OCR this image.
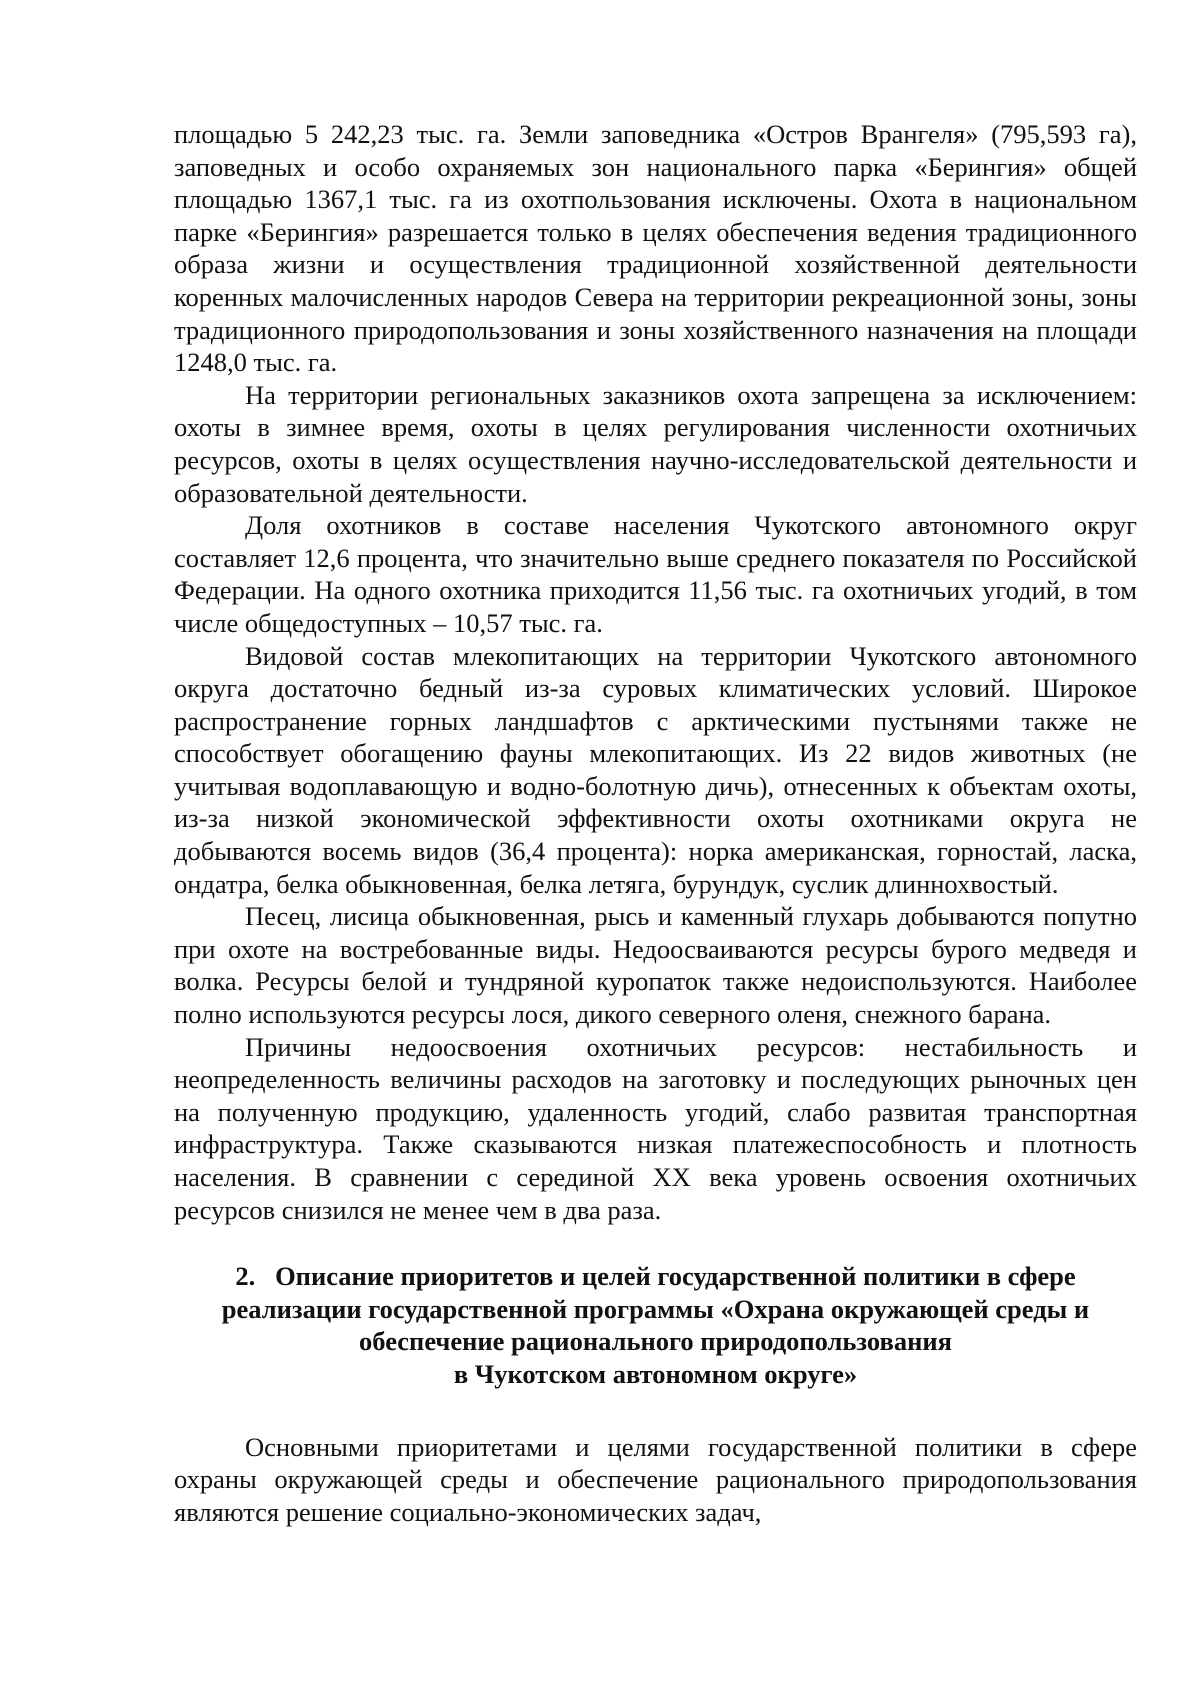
площадью 5 242,23 тыс. га. Земли заповедника «Остров Врангеля» (795,593 га), заповедных и особо охраняемых зон национального парка «Берингия» общей площадью 1367,1 тыс. га из охотпользования исключены. Охота в национальном парке «Берингия» разрешается только в целях обеспечения ведения традиционного образа жизни и осуществления традиционной хозяйственной деятельности коренных малочисленных народов Севера на территории рекреационной зоны, зоны традиционного природопользования и зоны хозяйственного назначения на площади 1248,0 тыс. га.

На территории региональных заказников охота запрещена за исключением: охоты в зимнее время, охоты в целях регулирования численности охотничьих ресурсов, охоты в целях осуществления научно-исследовательской деятельности и образовательной деятельности.

Доля охотников в составе населения Чукотского автономного округ составляет 12,6 процента, что значительно выше среднего показателя по Российской Федерации. На одного охотника приходится 11,56 тыс. га охотничьих угодий, в том числе общедоступных – 10,57 тыс. га.

Видовой состав млекопитающих на территории Чукотского автономного округа достаточно бедный из-за суровых климатических условий. Широкое распространение горных ландшафтов с арктическими пустынями также не способствует обогащению фауны млекопитающих. Из 22 видов животных (не учитывая водоплавающую и водно-болотную дичь), отнесенных к объектам охоты, из-за низкой экономической эффективности охоты охотниками округа не добываются восемь видов (36,4 процента): норка американская, горностай, ласка, ондатра, белка обыкновенная, белка летяга, бурундук, суслик длиннохвостый.

Песец, лисица обыкновенная, рысь и каменный глухарь добываются попутно при охоте на востребованные виды. Недоосваиваются ресурсы бурого медведя и волка. Ресурсы белой и тундряной куропаток также недоиспользуются. Наиболее полно используются ресурсы лося, дикого северного оленя, снежного барана.

Причины недоосвоения охотничьих ресурсов: нестабильность и неопределенность величины расходов на заготовку и последующих рыночных цен на полученную продукцию, удаленность угодий, слабо развитая транспортная инфраструктура. Также сказываются низкая платежеспособность и плотность населения. В сравнении с серединой XX века уровень освоения охотничьих ресурсов снизился не менее чем в два раза.

2.   Описание приоритетов и целей государственной политики в сфере
реализации государственной программы «Охрана окружающей среды и
обеспечение рационального природопользования
в Чукотском автономном округе»

Основными приоритетами и целями государственной политики в сфере охраны окружающей среды и обеспечение рационального природопользования являются решение социально-экономических задач,
